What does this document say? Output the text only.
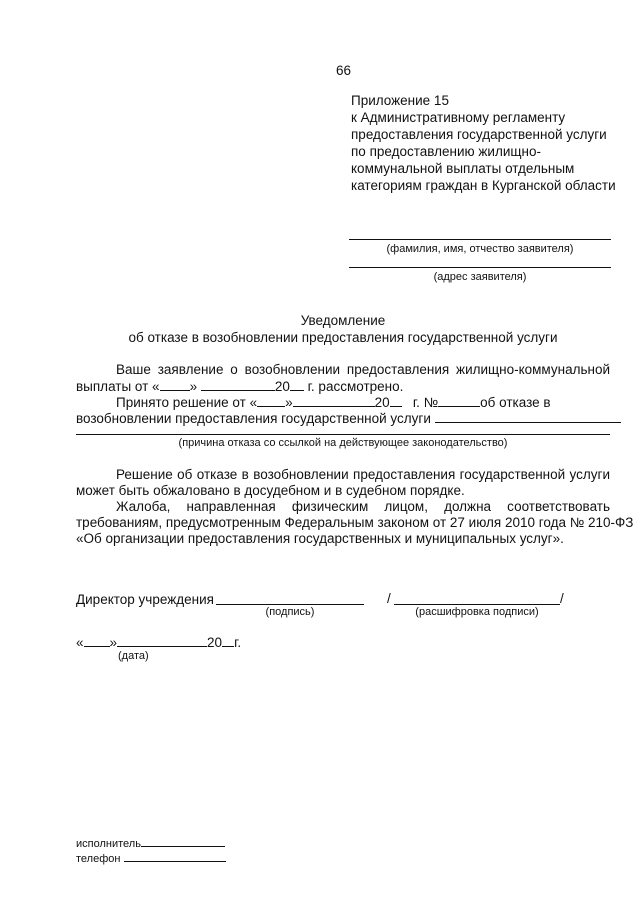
66
Приложение 15
к Административному регламенту
предоставления государственной услуги
по предоставлению жилищно-
коммунальной выплаты отдельным
категориям граждан в Курганской области
(фамилия, имя, отчество заявителя)
(адрес заявителя)
Уведомление
об отказе в возобновлении предоставления государственной услуги
Ваше заявление о возобновлении предоставления жилищно-коммунальной
выплаты от « »	20 г. рассмотрено.
Принято решение от « »	20 г. №	об отказе в
возобновлении предоставления государственной услуги
(причина отказа со ссылкой на действующее законодательство)
Решение об отказе в возобновлении предоставления государственной услуги
может быть обжаловано в досудебном и в судебном порядке.
Жалоба, направленная физическим лицом, должна соответствовать
требованиям, предусмотренным Федеральным законом от 27 июля 2010 года № 210-ФЗ
«Об организации предоставления государственных и муниципальных услуг».
Директор учреждения	/	/
(подпись)	(расшифровка подписи)
« »	20 г.
(дата)
исполнитель
телефон
